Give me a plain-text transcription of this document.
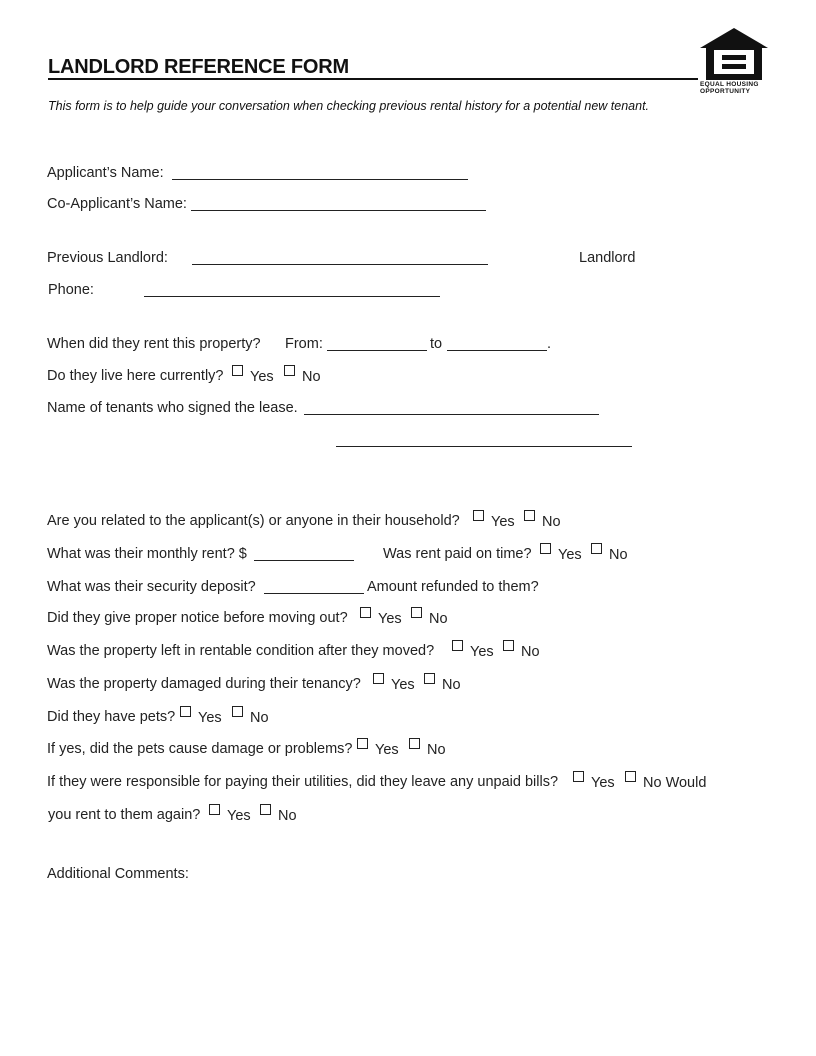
LANDLORD REFERENCE FORM
EQUAL HOUSING
OPPORTUNITY
This form is to help guide your conversation when checking previous rental history for a potential new tenant.
Applicant’s Name:
Co-Applicant’s Name:
Previous Landlord:	Landlord
Phone:
When did they rent this property? From:	to	.
Do they live here currently?	Yes	No
Name of tenants who signed the lease.
Are you related to the applicant(s) or anyone in their household?	Yes	No
What was their monthly rent? $	Was rent paid on time?	Yes	No
What was their security deposit?	Amount refunded to them?
Did they give proper notice before moving out?	Yes	No
Was the property left in rentable condition after they moved?	Yes	No
Was the property damaged during their tenancy?	Yes	No
Did they have pets?	Yes	No
If yes, did the pets cause damage or problems?	Yes	No
If they were responsible for paying their utilities, did they leave any unpaid bills?	Yes	No Would
you rent to them again?	Yes	No
Additional Comments:
